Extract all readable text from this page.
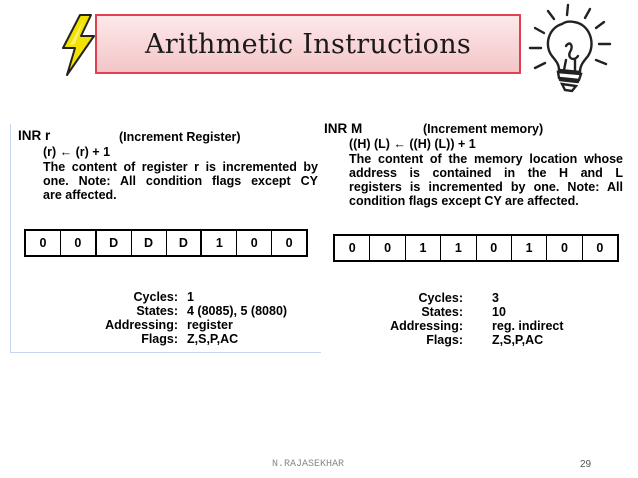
Arithmetic Instructions
INR r	(Increment Register)
(r) ← (r) + 1
The content of register r is incremented by
one. Note: All condition flags except CY
are affected.
0	0	D	D	D	1	0	0
Cycles: 1
States: 4 (8085), 5 (8080)
Addressing: register
Flags: Z,S,P,AC
INR M	(Increment memory)
((H) (L) ← ((H) (L)) + 1
The content of the memory location whose
address is contained in the H and L
registers is incremented by one. Note: All
condition flags except CY are affected.
0	0	1	1	0	1	0	0
Cycles: 3
States: 10
Addressing: reg. indirect
Flags: Z,S,P,AC
N.RAJASEKHAR	29
